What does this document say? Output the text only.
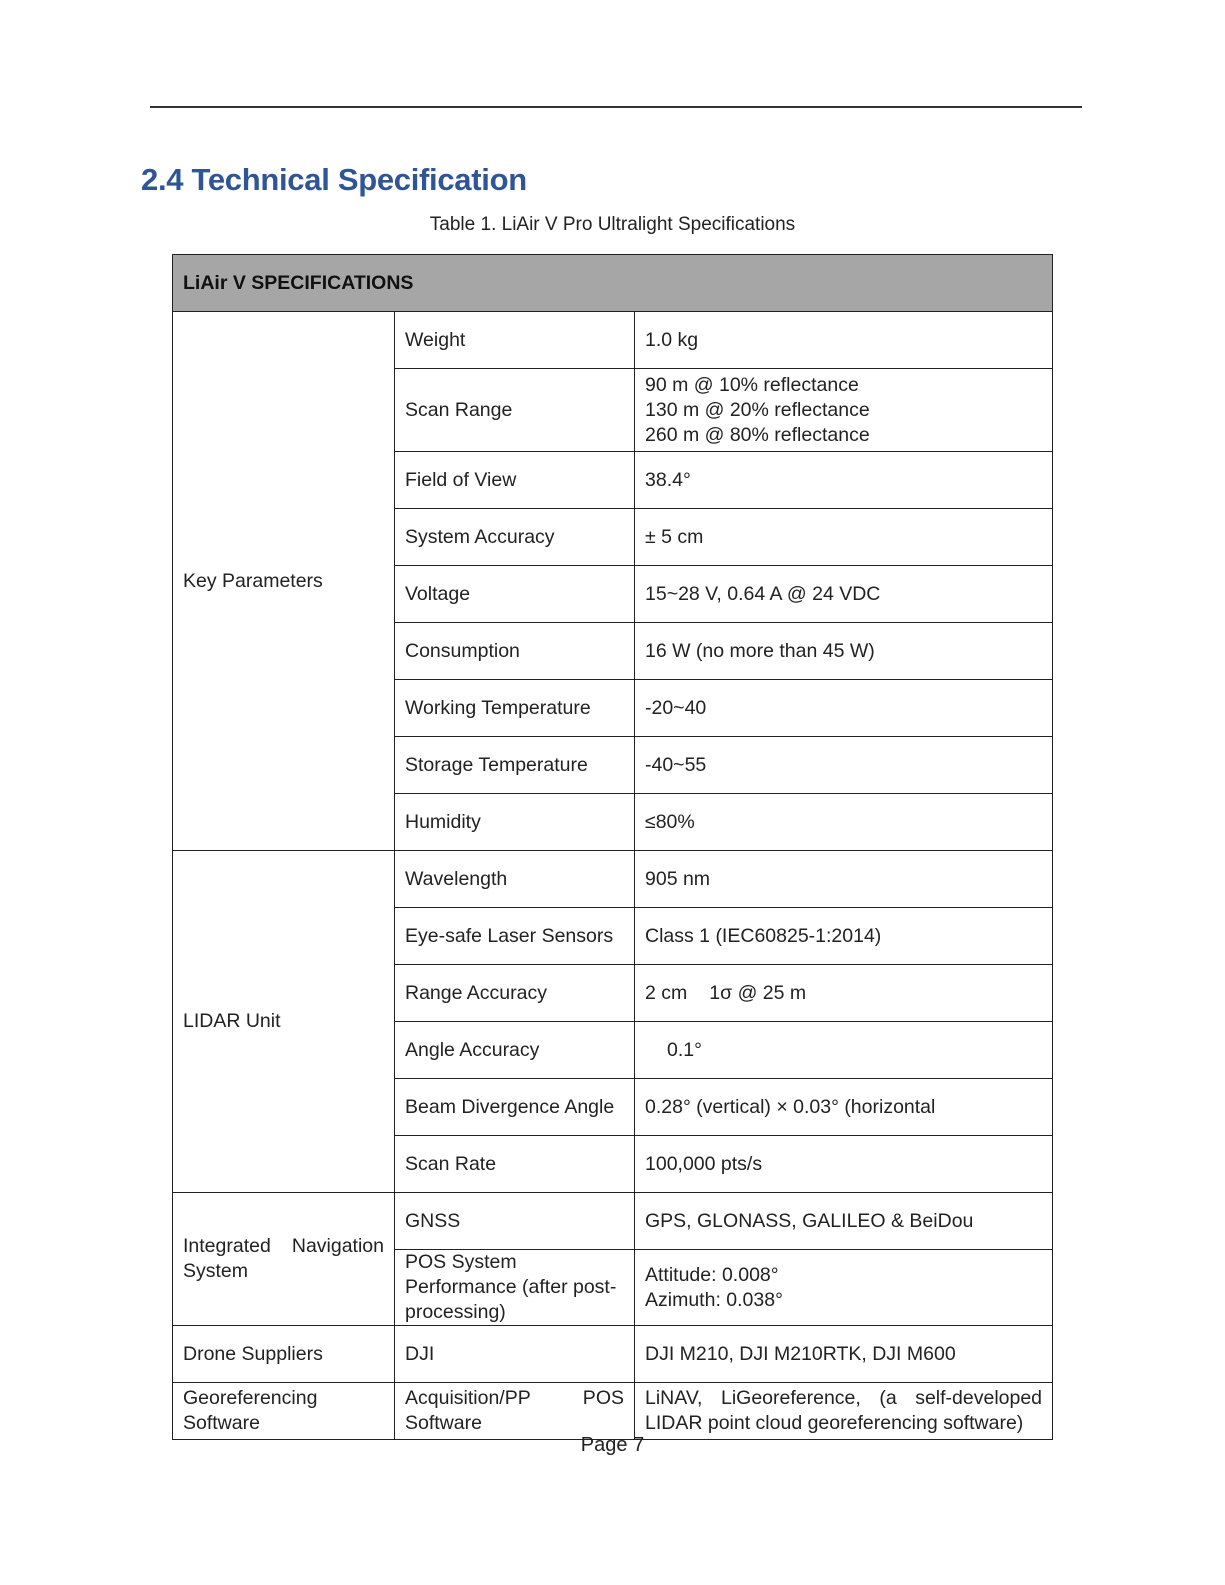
2.4 Technical Specification
Table 1. LiAir V Pro Ultralight Specifications
LiAir V SPECIFICATIONS		
Key Parameters	Weight	1.0 kg
	Scan Range	90 m @ 10% reflectance
130 m @ 20% reflectance
260 m @ 80% reflectance

	Field of View	38.4°
	System Accuracy	± 5 cm
	Voltage	15~28 V, 0.64 A @ 24 VDC
	Consumption	16 W (no more than 45 W)
	Working Temperature	-20~40
	Storage Temperature	-40~55
	Humidity	≤80%
LIDAR Unit	Wavelength	905 nm
	Eye-safe Laser Sensors	Class 1 (IEC60825-1:2014)
	Range Accuracy	2 cm 1σ @ 25 m
	Angle Accuracy	0.1°
	Beam Divergence Angle	0.28° (vertical) × 0.03° (horizontal
	Scan Rate	100,000 pts/s
Integrated Navigation System	GNSS	GPS, GLONASS, GALILEO & BeiDou
	POS System Performance (after post-processing)	Attitude: 0.008°
Azimuth: 0.038°

Drone Suppliers	DJI	DJI M210, DJI M210RTK, DJI M600
Georeferencing Software	Acquisition/PP POS Software	LiNAV, LiGeoreference, (a self-developed LIDAR point cloud georeferencing software)
Page 7
